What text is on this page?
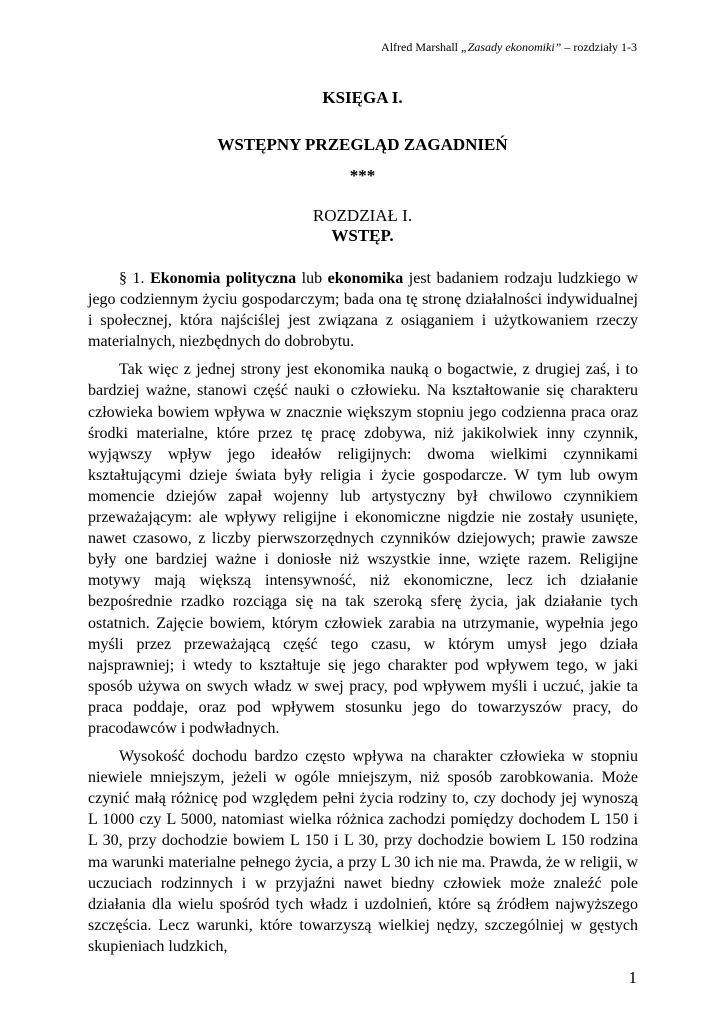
Alfred Marshall „Zasady ekonomiki” – rozdziały 1-3
KSIĘGA I.
WSTĘPNY PRZEGLĄD ZAGADNIEŃ
***
ROZDZIAŁ I.
WSTĘP.

§ 1. Ekonomia polityczna lub ekonomika jest badaniem rodzaju ludzkiego w jego codziennym życiu gospodarczym; bada ona tę stronę działalności indywidualnej i społecznej, która najściślej jest związana z osiąganiem i użytkowaniem rzeczy materialnych, niezbędnych do dobrobytu.

Tak więc z jednej strony jest ekonomika nauką o bogactwie, z drugiej zaś, i to bardziej ważne, stanowi część nauki o człowieku. Na kształtowanie się charakteru człowieka bowiem wpływa w znacznie większym stopniu jego codzienna praca oraz środki materialne, które przez tę pracę zdobywa, niż jakikolwiek inny czynnik, wyjąwszy wpływ jego ideałów religijnych: dwoma wielkimi czynnikami kształtującymi dzieje świata były religia i życie gospodarcze. W tym lub owym momencie dziejów zapał wojenny lub artystyczny był chwilowo czynnikiem przeważającym: ale wpływy religijne i ekonomiczne nigdzie nie zostały usunięte, nawet czasowo, z liczby pierwszorzędnych czynników dziejowych; prawie zawsze były one bardziej ważne i doniosłe niż wszystkie inne, wzięte razem. Religijne motywy mają większą intensywność, niż ekonomiczne, lecz ich działanie bezpośrednie rzadko rozciąga się na tak szeroką sferę życia, jak działanie tych ostatnich. Zajęcie bowiem, którym człowiek zarabia na utrzymanie, wypełnia jego myśli przez przeważającą część tego czasu, w którym umysł jego działa najsprawniej; i wtedy to kształtuje się jego charakter pod wpływem tego, w jaki sposób używa on swych władz w swej pracy, pod wpływem myśli i uczuć, jakie ta praca poddaje, oraz pod wpływem stosunku jego do towarzyszów pracy, do pracodawców i podwładnych.

Wysokość dochodu bardzo często wpływa na charakter człowieka w stopniu niewiele mniejszym, jeżeli w ogóle mniejszym, niż sposób zarobkowania. Może czynić małą różnicę pod względem pełni życia rodziny to, czy dochody jej wynoszą L 1000 czy L 5000, natomiast wielka różnica zachodzi pomiędzy dochodem L 150 i L 30, przy dochodzie bowiem L 150 i L 30, przy dochodzie bowiem L 150 rodzina ma warunki materialne pełnego życia, a przy L 30 ich nie ma. Prawda, że w religii, w uczuciach rodzinnych i w przyjaźni nawet biedny człowiek może znaleźć pole działania dla wielu spośród tych władz i uzdolnień, które są źródłem najwyższego szczęścia. Lecz warunki, które towarzyszą wielkiej nędzy, szczególniej w gęstych skupieniach ludzkich,

1
